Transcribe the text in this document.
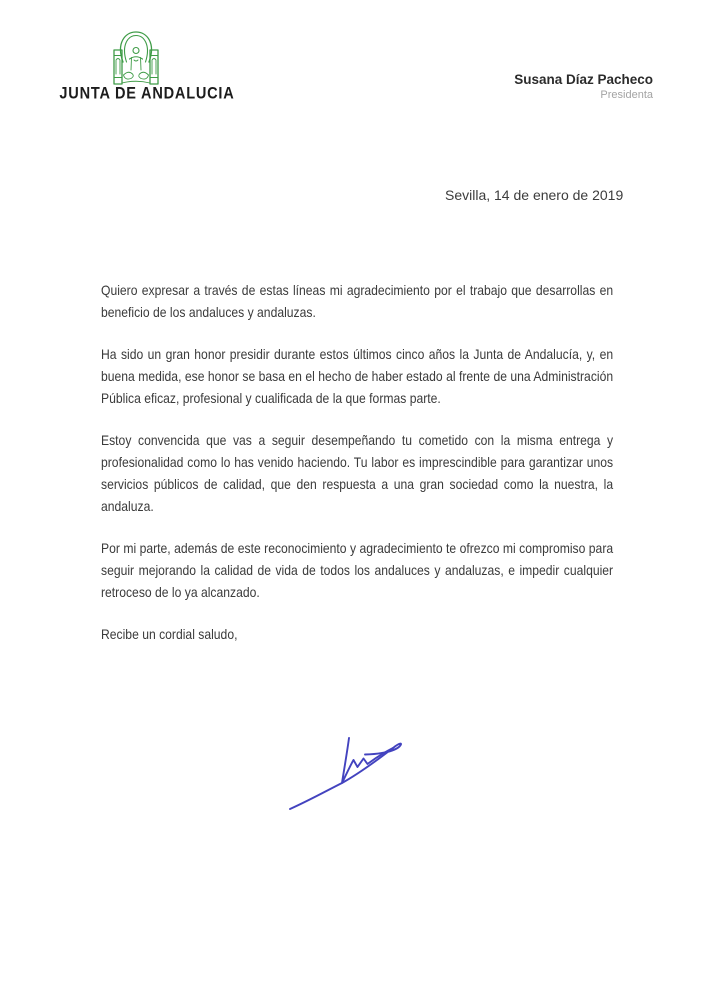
JUNTA DE ANDALUCIA
Susana Díaz Pacheco
Presidenta
Sevilla, 14 de enero de 2019

Quiero expresar a través de estas líneas mi agradecimiento por el trabajo que desarrollas en beneficio de los andaluces y andaluzas.

Ha sido un gran honor presidir durante estos últimos cinco años la Junta de Andalucía, y, en buena medida, ese honor se basa en el hecho de haber estado al frente de una Administración Pública eficaz, profesional y cualificada de la que formas parte.

Estoy convencida que vas a seguir desempeñando tu cometido con la misma entrega y profesionalidad como lo has venido haciendo. Tu labor es imprescindible para garantizar unos servicios públicos de calidad, que den respuesta a una gran sociedad como la nuestra, la andaluza.

Por mi parte, además de este reconocimiento y agradecimiento te ofrezco mi compromiso para seguir mejorando la calidad de vida de todos los andaluces y andaluzas, e impedir cualquier retroceso de lo ya alcanzado.

Recibe un cordial saludo,
